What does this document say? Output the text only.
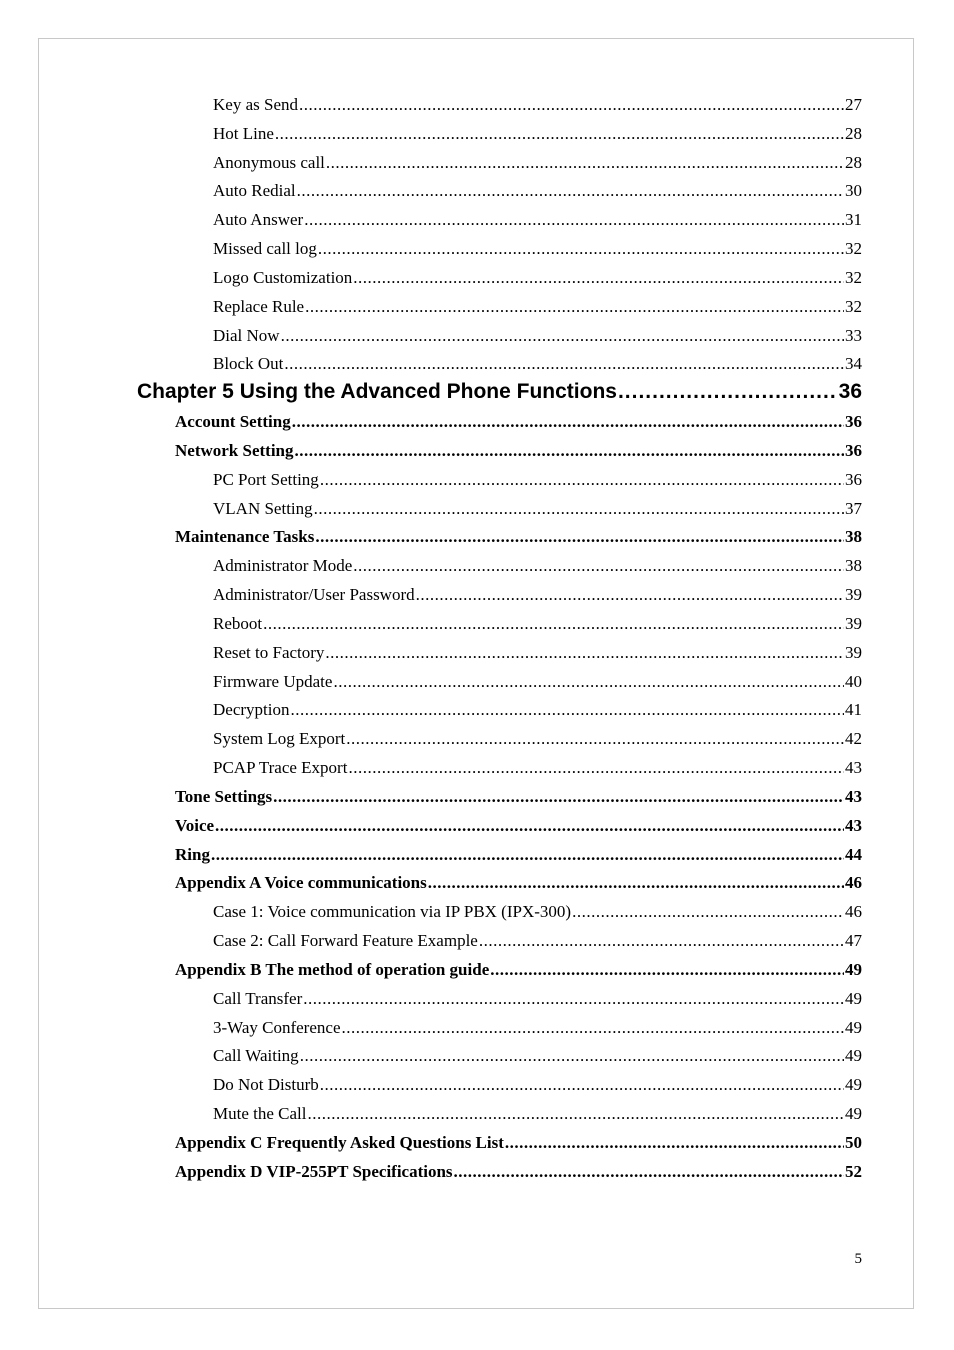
Key as Send .....	27
Hot Line .....	28
Anonymous call .....	28
Auto Redial .....	30
Auto Answer .....	31
Missed call log .....	32
Logo Customization .....	32
Replace Rule .....	32
Dial Now .....	33
Block Out .....	34
Chapter 5 Using the Advanced Phone Functions .....	36
Account Setting .....	36
Network Setting .....	36
PC Port Setting .....	36
VLAN Setting .....	37
Maintenance Tasks .....	38
Administrator Mode .....	38
Administrator/User Password .....	39
Reboot .....	39
Reset to Factory .....	39
Firmware Update .....	40
Decryption .....	41
System Log Export .....	42
PCAP Trace Export .....	43
Tone Settings .....	43
Voice .....	43
Ring .....	44
Appendix A Voice communications .....	46
Case 1: Voice communication via IP PBX (IPX-300) .....	46
Case 2: Call Forward Feature Example .....	47
Appendix B The method of operation guide .....	49
Call Transfer .....	49
3-Way Conference .....	49
Call Waiting .....	49
Do Not Disturb .....	49
Mute the Call .....	49
Appendix C Frequently Asked Questions List .....	50
Appendix D VIP-255PT Specifications .....	52
5
